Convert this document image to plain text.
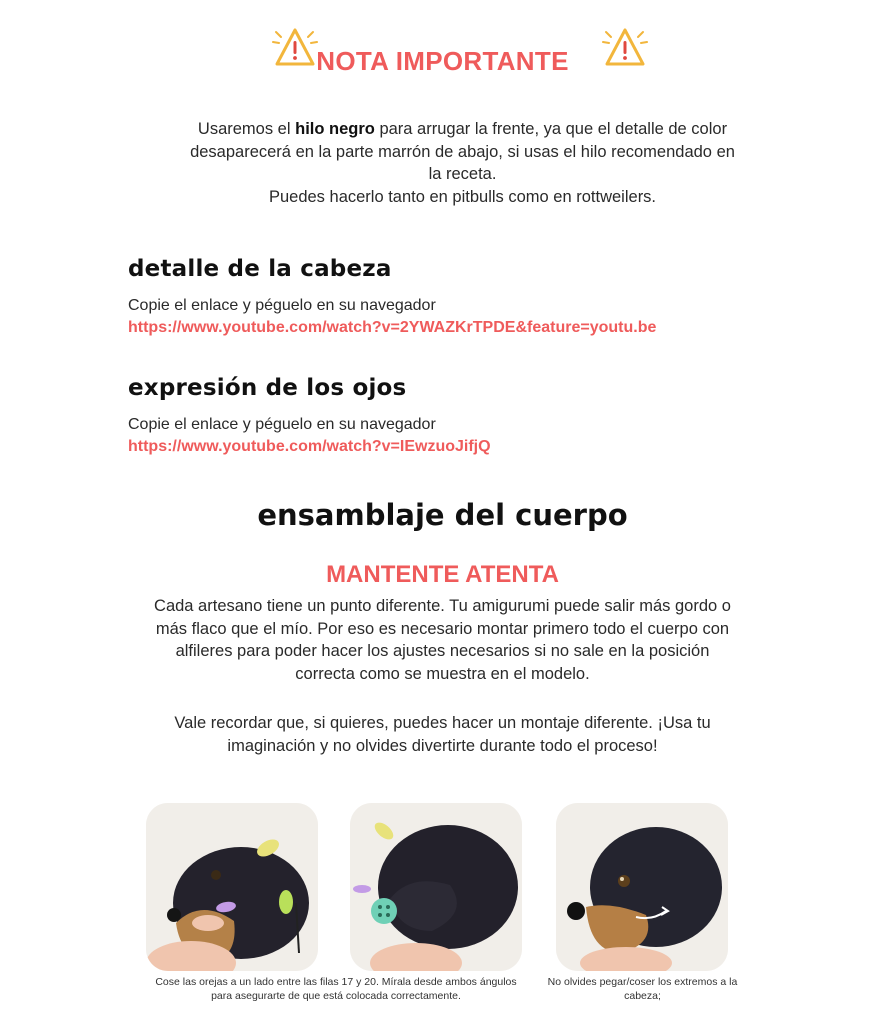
NOTA IMPORTANTE
Usaremos el hilo negro para arrugar la frente, ya que el detalle de color desaparecerá en la parte marrón de abajo, si usas el hilo recomendado en la receta.
Puedes hacerlo tanto en pitbulls como en rottweilers.
detalle de la cabeza
Copie el enlace y péguelo en su navegador
https://www.youtube.com/watch?v=2YWAZKrTPDE&feature=youtu.be
expresión de los ojos
Copie el enlace y péguelo en su navegador
https://www.youtube.com/watch?v=IEwzuoJifjQ
ensamblaje del cuerpo
MANTENTE ATENTA
Cada artesano tiene un punto diferente. Tu amigurumi puede salir más gordo o más flaco que el mío. Por eso es necesario montar primero todo el cuerpo con alfileres para poder hacer los ajustes necesarios si no sale en la posición correcta como se muestra en el modelo.
Vale recordar que, si quieres, puedes hacer un montaje diferente. ¡Usa tu imaginación y no olvides divertirte durante todo el proceso!
Cose las orejas a un lado entre las filas 17 y 20. Mírala desde ambos ángulos para asegurarte de que está colocada correctamente.
No olvides pegar/coser los extremos a la cabeza;
